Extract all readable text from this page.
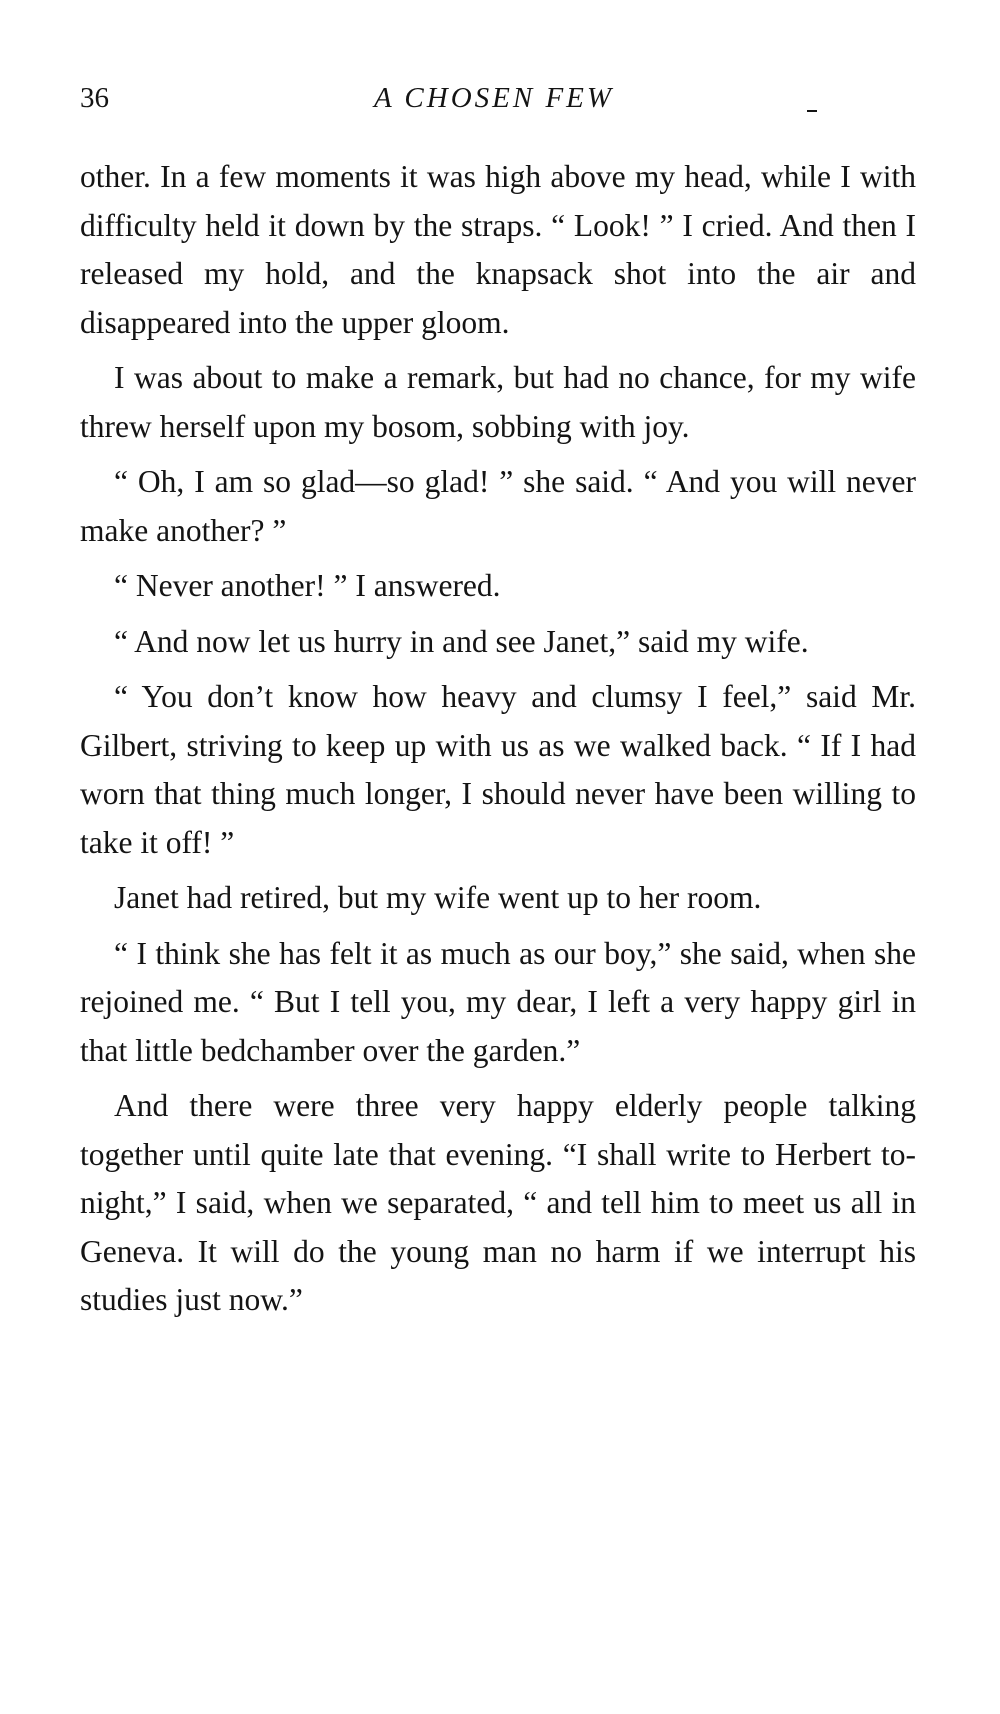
36	A CHOSEN FEW

other. In a few moments it was high above my head, while I with difficulty held it down by the straps. “ Look! ” I cried. And then I released my hold, and the knapsack shot into the air and disappeared into the upper gloom.

I was about to make a remark, but had no chance, for my wife threw herself upon my bosom, sobbing with joy.

“ Oh, I am so glad—so glad! ” she said. “ And you will never make another? ”

“ Never another! ” I answered.

“ And now let us hurry in and see Janet,” said my wife.

“ You don’t know how heavy and clumsy I feel,” said Mr. Gilbert, striving to keep up with us as we walked back. “ If I had worn that thing much longer, I should never have been willing to take it off! ”

Janet had retired, but my wife went up to her room.

“ I think she has felt it as much as our boy,” she said, when she rejoined me. “ But I tell you, my dear, I left a very happy girl in that little bedchamber over the garden.”

And there were three very happy elderly people talking together until quite late that evening. “I shall write to Herbert to-night,” I said, when we separated, “ and tell him to meet us all in Geneva. It will do the young man no harm if we interrupt his studies just now.”
